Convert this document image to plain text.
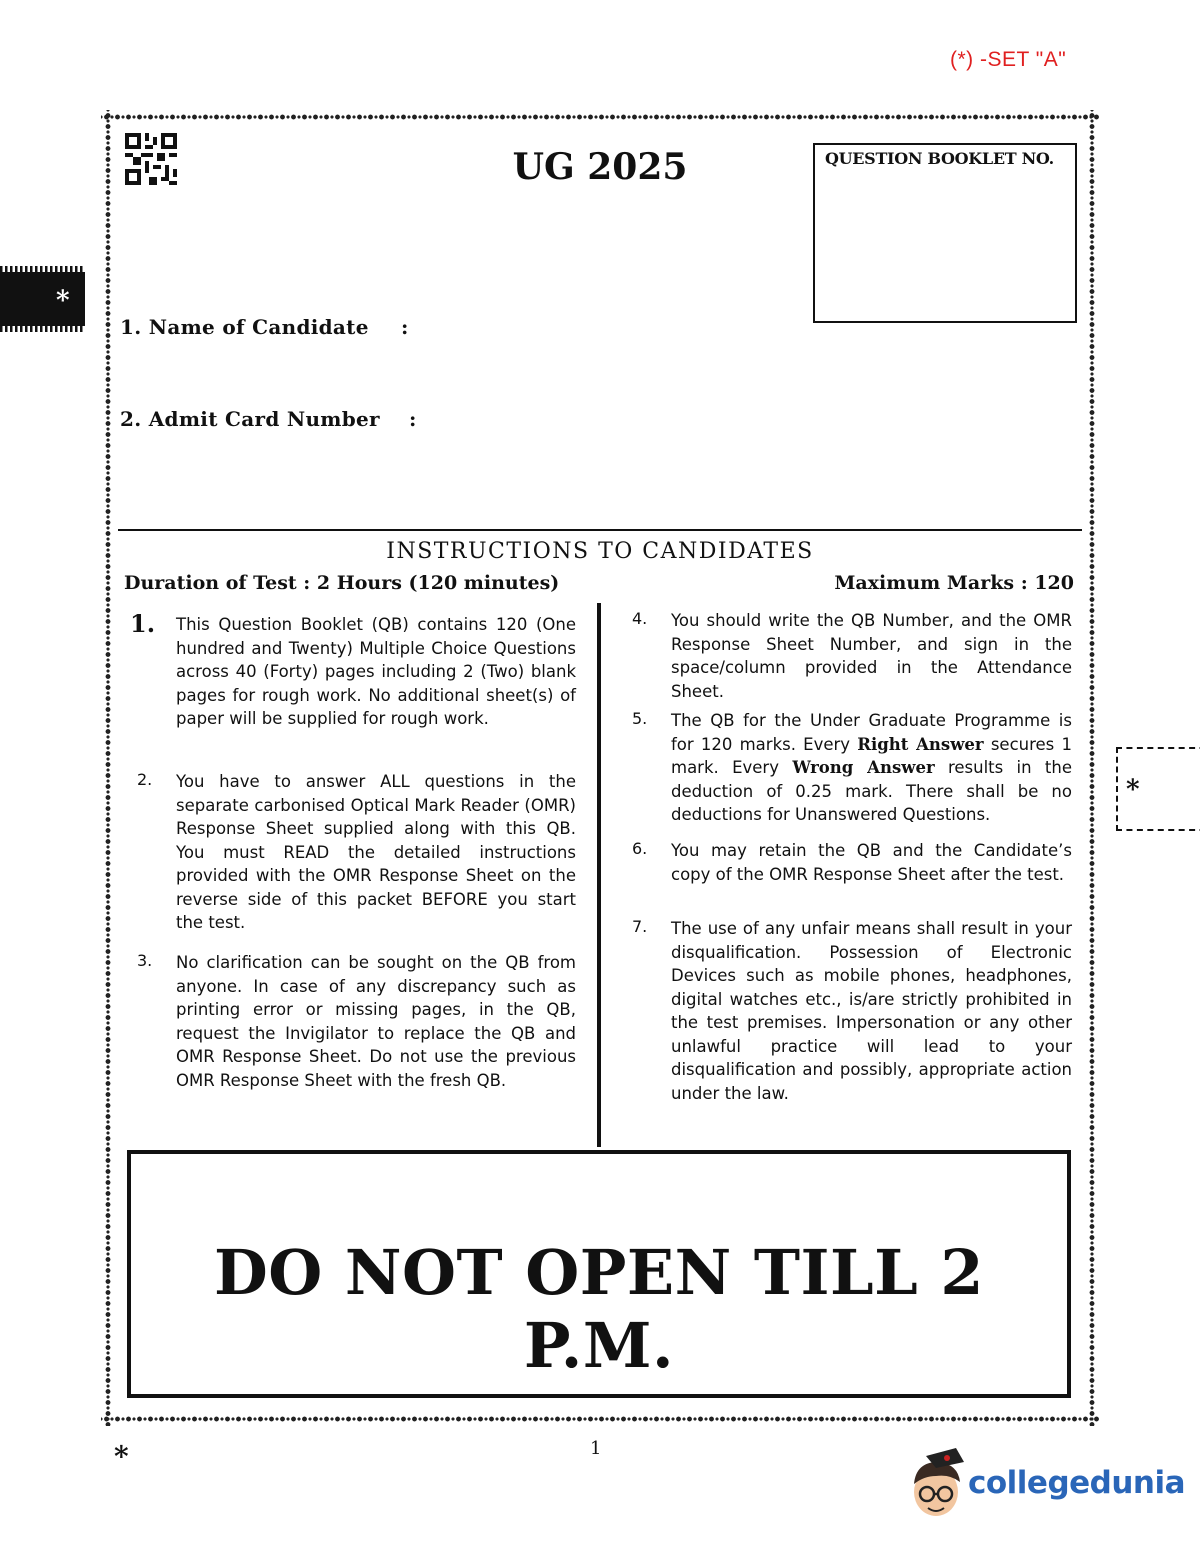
(*) -SET "A"
UG 2025	QUESTION BOOKLET NO.
1. Name of Candidate :
2. Admit Card Number :
INSTRUCTIONS TO CANDIDATES
Duration of Test : 2 Hours (120 minutes)	Maximum Marks : 120
1. This Question Booklet (QB) contains 120 (One hundred and Twenty) Multiple Choice Questions across 40 (Forty) pages including 2 (Two) blank pages for rough work. No additional sheet(s) of paper will be supplied for rough work.
2. You have to answer ALL questions in the separate carbonised Optical Mark Reader (OMR) Response Sheet supplied along with this QB. You must READ the detailed instructions provided with the OMR Response Sheet on the reverse side of this packet BEFORE you start the test.
3. No clarification can be sought on the QB from anyone. In case of any discrepancy such as printing error or missing pages, in the QB, request the Invigilator to replace the QB and OMR Response Sheet. Do not use the previous OMR Response Sheet with the fresh QB.
4. You should write the QB Number, and the OMR Response Sheet Number, and sign in the space/column provided in the Attendance Sheet.
5. The QB for the Under Graduate Programme is for 120 marks. Every Right Answer secures 1 mark. Every Wrong Answer results in the deduction of 0.25 mark. There shall be no deductions for Unanswered Questions.
6. You may retain the QB and the Candidate’s copy of the OMR Response Sheet after the test.
7. The use of any unfair means shall result in your disqualification. Possession of Electronic Devices such as mobile phones, headphones, digital watches etc., is/are strictly prohibited in the test premises. Impersonation or any other unlawful practice will lead to your disqualification and possibly, appropriate action under the law.
DO NOT OPEN TILL 2 P.M.
1
*
*
*
collegedunia
